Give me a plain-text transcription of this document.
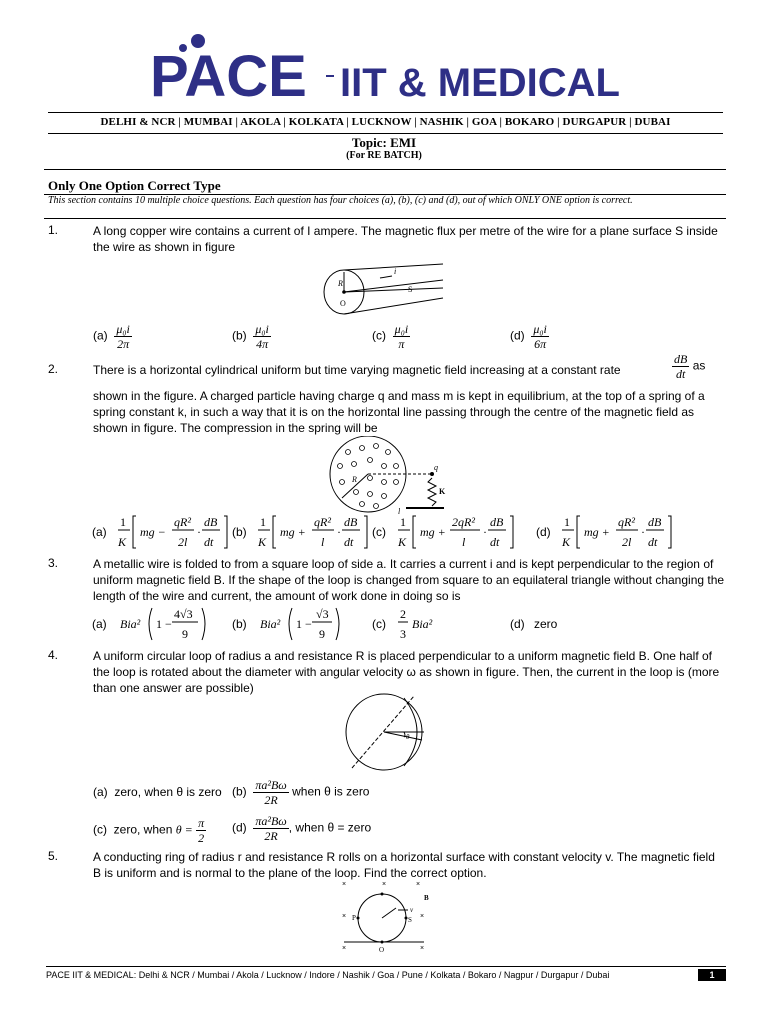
PACE IIT & MEDICAL
DELHI & NCR | MUMBAI | AKOLA | KOLKATA | LUCKNOW | NASHIK | GOA | BOKARO | DURGAPUR | DUBAI
Topic: EMI
(For RE BATCH)
Only One Option Correct Type
This section contains 10 multiple choice questions. Each question has four choices (a), (b), (c) and (d), out of which ONLY ONE option is correct.
1.	A long copper wire contains a current of I ampere. The magnetic flux per metre of the wire for a plane surface S inside the wire as shown in figure
R
i
S
O
$(a) \frac{\text{μ₀i}}{2\pi}$	$(b) \frac{\text{μ₀i}}{4\pi}$	$(c) \frac{\text{μ₀i}}{\pi}$	$(d) \frac{\text{μ₀i}}{6\pi}$
2.	There is a horizontal cylindrical uniform but time varying magnetic field increasing at a constant rate	$\frac{dB}{dt}$ as
shown in the figure. A charged particle having charge q and mass m is kept in equilibrium, at the top of a spring of a spring constant k, in such a way that it is on the horizontal line passing through the centre of the magnetic field as shown in figure. The compression in the spring will be
q
K
R
l
(a)
1
K
mg −
qR²
2l
·
dB
dt
(b)
1
K
mg +
qR²
l
·
dB
dt
(c)
1
K
mg +
2qR²
l
·
dB
dt
(d)
1
K
mg +
qR²
2l
·
dB
dt
3.	A metallic wire is folded to from a square loop of side a. It carries a current i and is kept perpendicular to the region of uniform magnetic field B. If the shape of the loop is changed from square to an equilateral triangle without changing the length of the wire and current, the amount of work done in doing so is
(a) Bia² 1 −
4√3
9
(b) Bia² 1 −
√3
9
(c)
2
3
Bia²	(d) zero
4.	A uniform circular loop of radius a and resistance R is placed perpendicular to a uniform magnetic field B. One half of the loop is rotated about the diameter with angular velocity ω as shown in figure. Then, the current in the loop is (more than one answer are possible)
θ
(a)  zero, when θ is zero $(b) \frac{\text{πa²Bω}}{2R}$ when θ is zero
(c)  zero, when $\theta = \frac{\pi}{2} (d) \frac{\text{πa²Bω}}{2R}$ , when θ = zero
5.	A conducting ring of radius r and resistance R rolls on a horizontal surface with constant velocity v. The magnetic field B is uniform and is normal to the plane of the loop. Find the correct option.
×	×	×
×	×
×	×
B
v
S
P
O
PACE IIT & MEDICAL: Delhi & NCR / Mumbai / Akola / Lucknow / Indore / Nashik / Goa / Pune / Kolkata / Bokaro / Nagpur / Durgapur / Dubai	1
